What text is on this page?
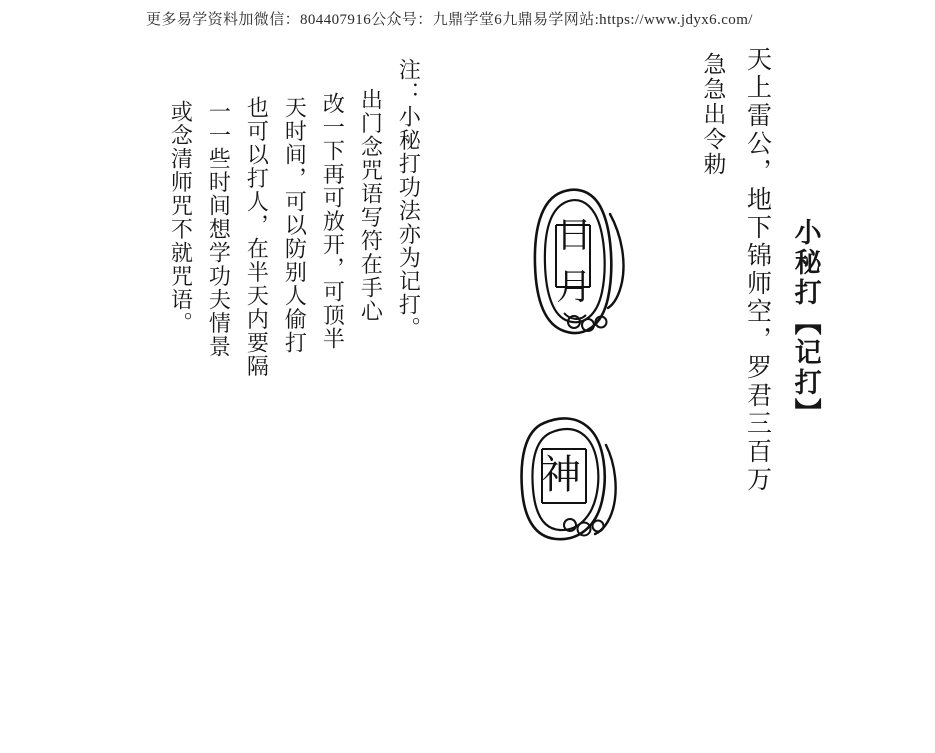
更多易学资料加微信：804407916公众号：九鼎学堂6九鼎易学网站:https://www.jdyx6.com/
小秘打【记打】
天上雷公，地下锦师空，罗君三百万
急急出令勅
日
月
神
注：小秘打功法亦为记打。
出门念咒语写符在手心
改一下再可放开，可顶半
天时间，可以防别人偷打
也可以打人，在半天内要隔
一一些时间想学功夫情景
或念清师咒不就咒语。
